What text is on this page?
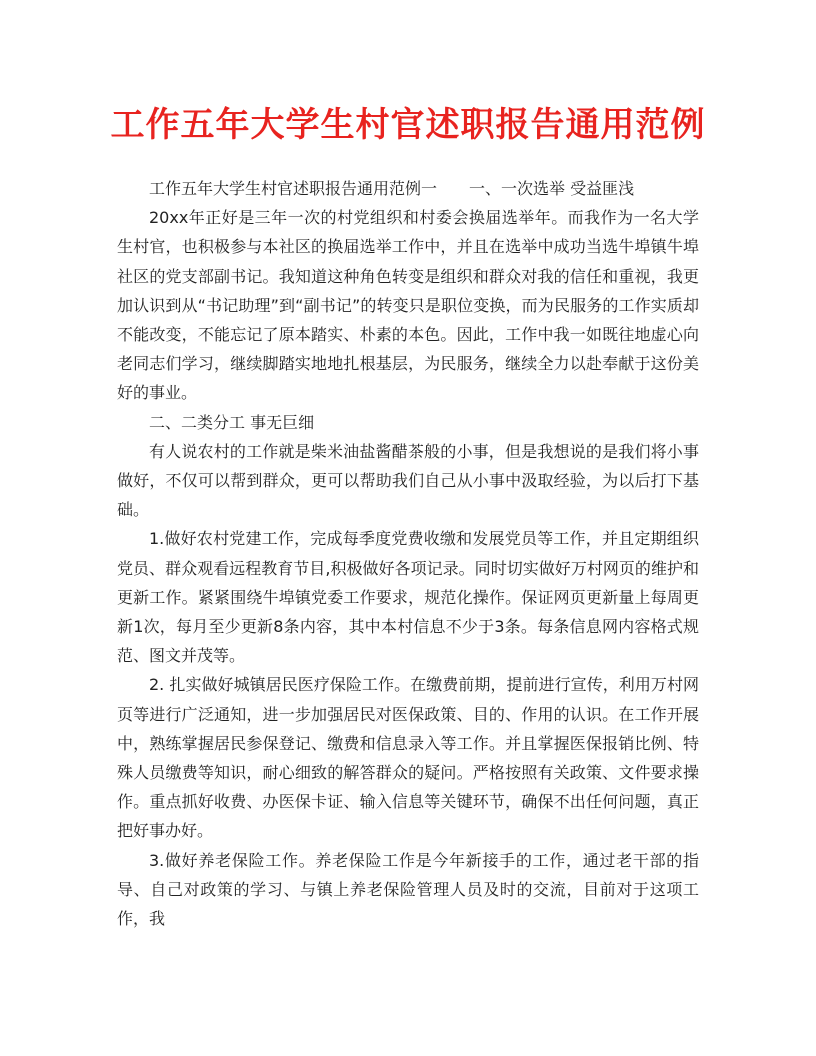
工作五年大学生村官述职报告通用范例

工作五年大学生村官述职报告通用范例一　　一、一次选举 受益匪浅

20xx年正好是三年一次的村党组织和村委会换届选举年。而我作为一名大学生村官，也积极参与本社区的换届选举工作中，并且在选举中成功当选牛埠镇牛埠社区的党支部副书记。我知道这种角色转变是组织和群众对我的信任和重视，我更加认识到从“书记助理”到“副书记”的转变只是职位变换，而为民服务的工作实质却不能改变，不能忘记了原本踏实、朴素的本色。因此，工作中我一如既往地虚心向老同志们学习，继续脚踏实地地扎根基层，为民服务，继续全力以赴奉献于这份美好的事业。

二、二类分工 事无巨细

有人说农村的工作就是柴米油盐酱醋茶般的小事，但是我想说的是我们将小事做好，不仅可以帮到群众，更可以帮助我们自己从小事中汲取经验，为以后打下基础。

1.做好农村党建工作，完成每季度党费收缴和发展党员等工作，并且定期组织党员、群众观看远程教育节目,积极做好各项记录。同时切实做好万村网页的维护和更新工作。紧紧围绕牛埠镇党委工作要求，规范化操作。保证网页更新量上每周更新1次，每月至少更新8条内容，其中本村信息不少于3条。每条信息网内容格式规范、图文并茂等。

2. 扎实做好城镇居民医疗保险工作。在缴费前期，提前进行宣传，利用万村网页等进行广泛通知，进一步加强居民对医保政策、目的、作用的认识。在工作开展中，熟练掌握居民参保登记、缴费和信息录入等工作。并且掌握医保报销比例、特殊人员缴费等知识，耐心细致的解答群众的疑问。严格按照有关政策、文件要求操作。重点抓好收费、办医保卡证、输入信息等关键环节，确保不出任何问题，真正把好事办好。

3.做好养老保险工作。养老保险工作是今年新接手的工作，通过老干部的指导、自己对政策的学习、与镇上养老保险管理人员及时的交流，目前对于这项工作，我
